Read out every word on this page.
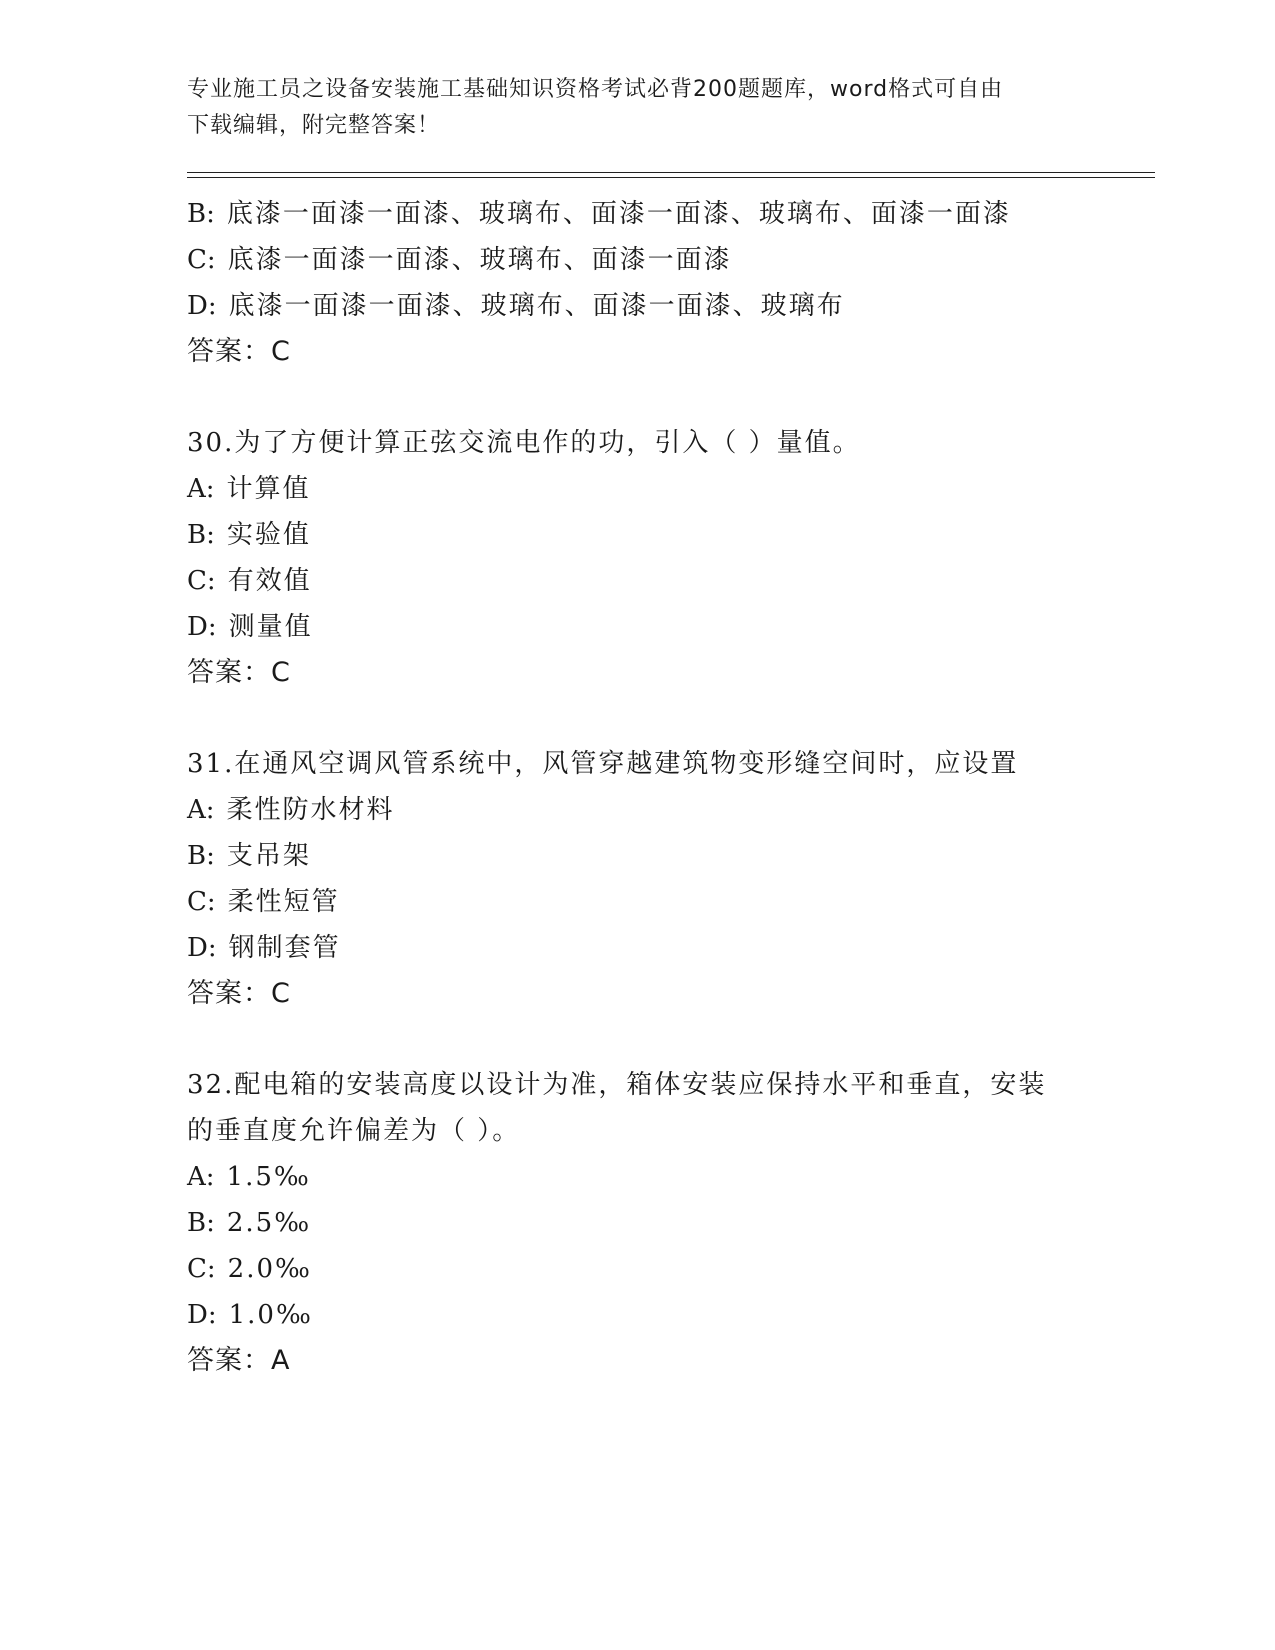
专业施工员之设备安装施工基础知识资格考试必背200题题库，word格式可自由
下载编辑，附完整答案！
B: 底漆一面漆一面漆、玻璃布、面漆一面漆、玻璃布、面漆一面漆
C: 底漆一面漆一面漆、玻璃布、面漆一面漆
D: 底漆一面漆一面漆、玻璃布、面漆一面漆、玻璃布
答案：C
30.为了方便计算正弦交流电作的功，引入（ ）量值。
A: 计算值
B: 实验值
C: 有效值
D: 测量值
答案：C
31.在通风空调风管系统中，风管穿越建筑物变形缝空间时，应设置
A: 柔性防水材料
B: 支吊架
C: 柔性短管
D: 钢制套管
答案：C
32.配电箱的安装高度以设计为准，箱体安装应保持水平和垂直，安装
的垂直度允许偏差为（ ）。
A: 1.5‰
B: 2.5‰
C: 2.0‰
D: 1.0‰
答案：A
